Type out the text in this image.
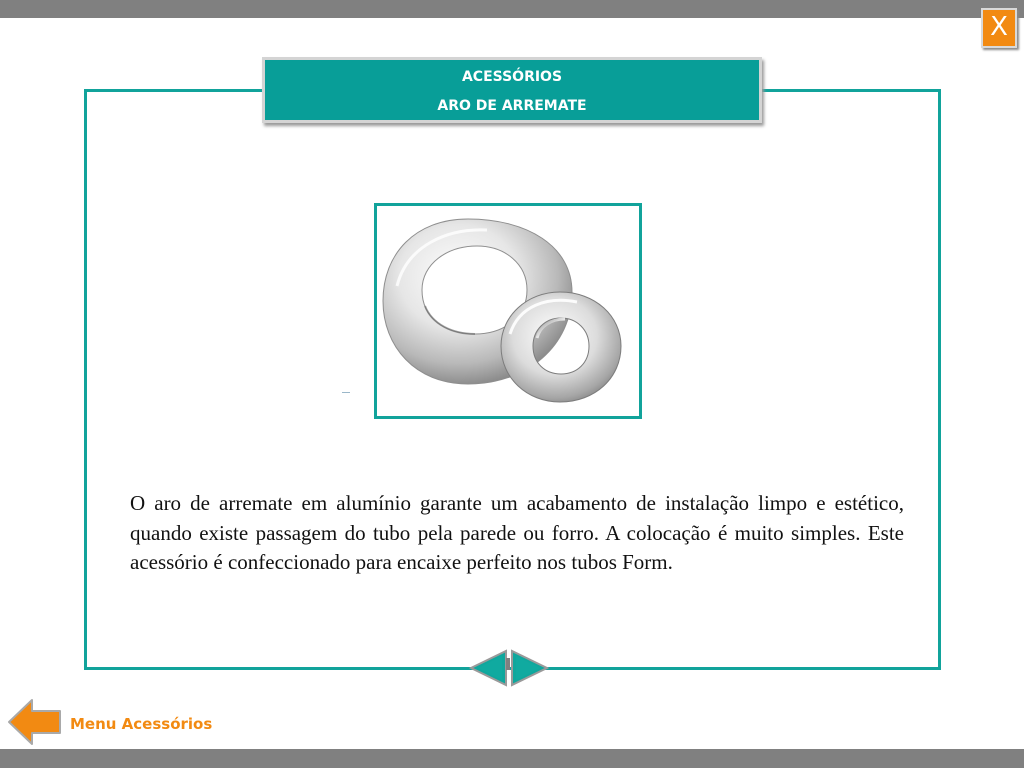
X
ACESSÓRIOS
ARO DE ARREMATE

O aro de arremate em alumínio garante um acabamento de instalação limpo e estético, quando existe passagem do tubo pela parede ou forro. A colocação é muito simples. Este acessório é confeccionado para encaixe perfeito nos tubos Form.

Menu Acessórios
